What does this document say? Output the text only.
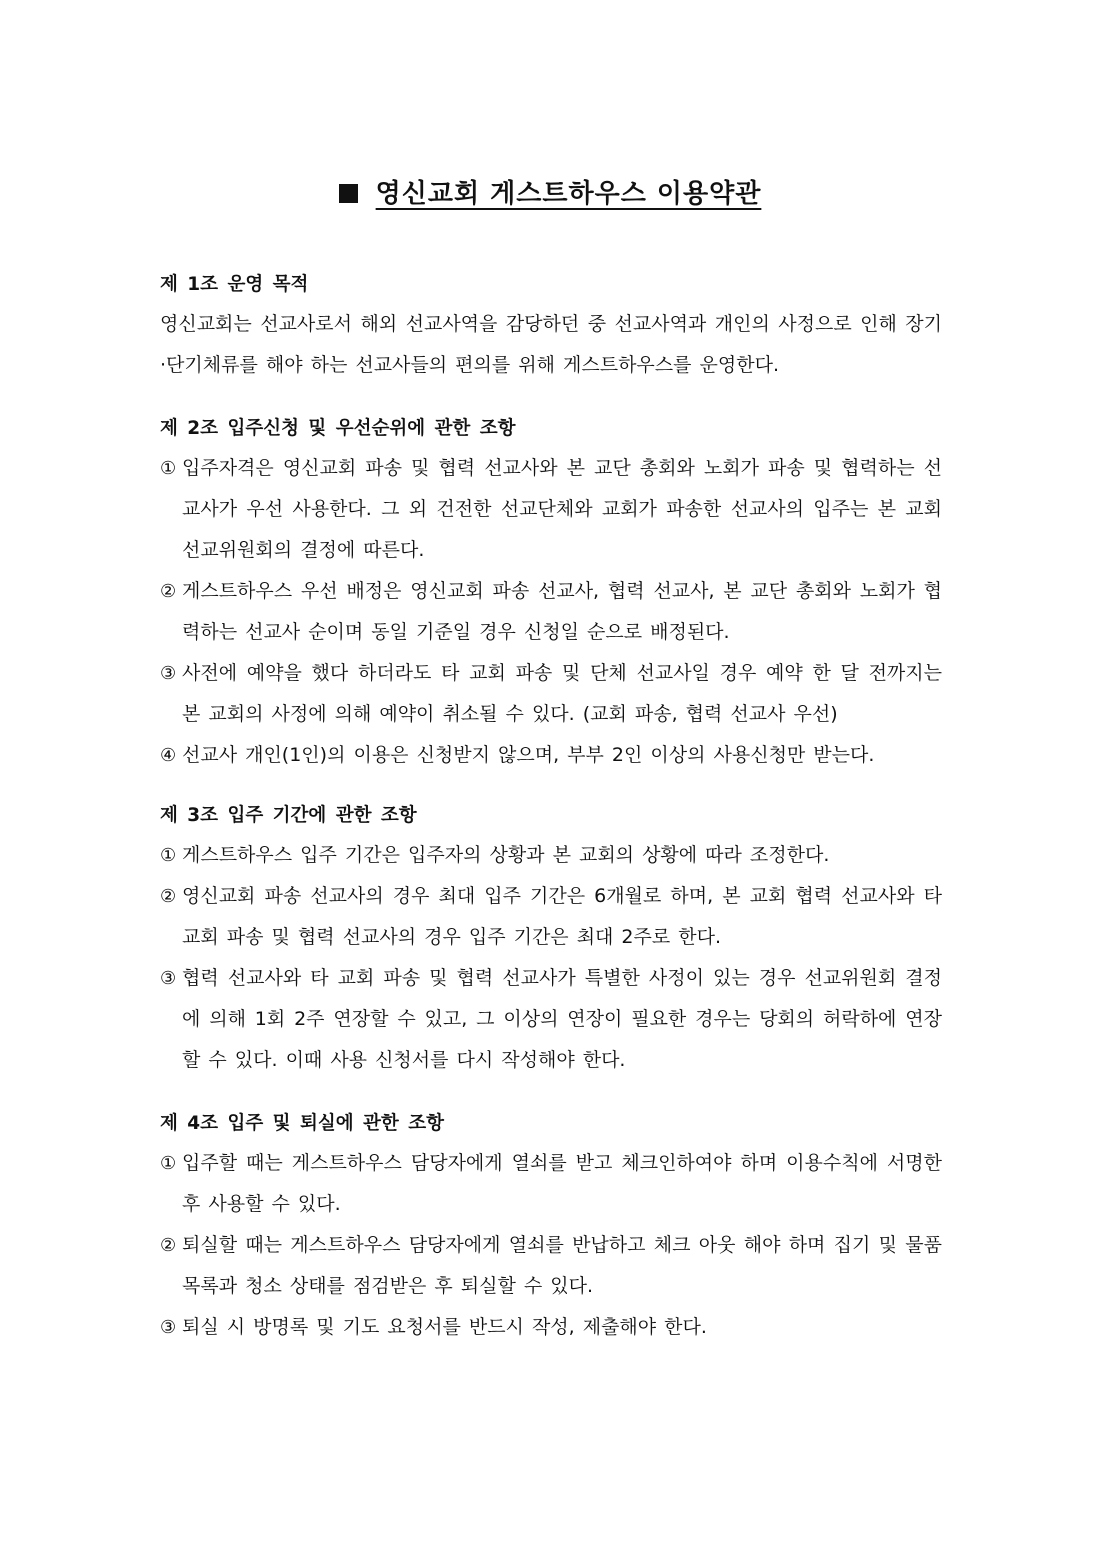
영신교회 게스트하우스 이용약관
제 1조 운영 목적
영신교회는 선교사로서 해외 선교사역을 감당하던 중 선교사역과 개인의 사정으로 인해 장기·단기체류를 해야 하는 선교사들의 편의를 위해 게스트하우스를 운영한다.
제 2조 입주신청 및 우선순위에 관한 조항
① 입주자격은 영신교회 파송 및 협력 선교사와 본 교단 총회와 노회가 파송 및 협력하는 선교사가 우선 사용한다. 그 외 건전한 선교단체와 교회가 파송한 선교사의 입주는 본 교회 선교위원회의 결정에 따른다.
② 게스트하우스 우선 배정은 영신교회 파송 선교사, 협력 선교사, 본 교단 총회와 노회가 협력하는 선교사 순이며 동일 기준일 경우 신청일 순으로 배정된다.
③ 사전에 예약을 했다 하더라도 타 교회 파송 및 단체 선교사일 경우 예약 한 달 전까지는 본 교회의 사정에 의해 예약이 취소될 수 있다. (교회 파송, 협력 선교사 우선)
④ 선교사 개인(1인)의 이용은 신청받지 않으며, 부부 2인 이상의 사용신청만 받는다.
제 3조 입주 기간에 관한 조항
① 게스트하우스 입주 기간은 입주자의 상황과 본 교회의 상황에 따라 조정한다.
② 영신교회 파송 선교사의 경우 최대 입주 기간은 6개월로 하며, 본 교회 협력 선교사와 타 교회 파송 및 협력 선교사의 경우 입주 기간은 최대 2주로 한다.
③ 협력 선교사와 타 교회 파송 및 협력 선교사가 특별한 사정이 있는 경우 선교위원회 결정에 의해 1회 2주 연장할 수 있고, 그 이상의 연장이 필요한 경우는 당회의 허락하에 연장할 수 있다. 이때 사용 신청서를 다시 작성해야 한다.
제 4조 입주 및 퇴실에 관한 조항
① 입주할 때는 게스트하우스 담당자에게 열쇠를 받고 체크인하여야 하며 이용수칙에 서명한 후 사용할 수 있다.
② 퇴실할 때는 게스트하우스 담당자에게 열쇠를 반납하고 체크 아웃 해야 하며 집기 및 물품 목록과 청소 상태를 점검받은 후 퇴실할 수 있다.
③ 퇴실 시 방명록 및 기도 요청서를 반드시 작성, 제출해야 한다.
